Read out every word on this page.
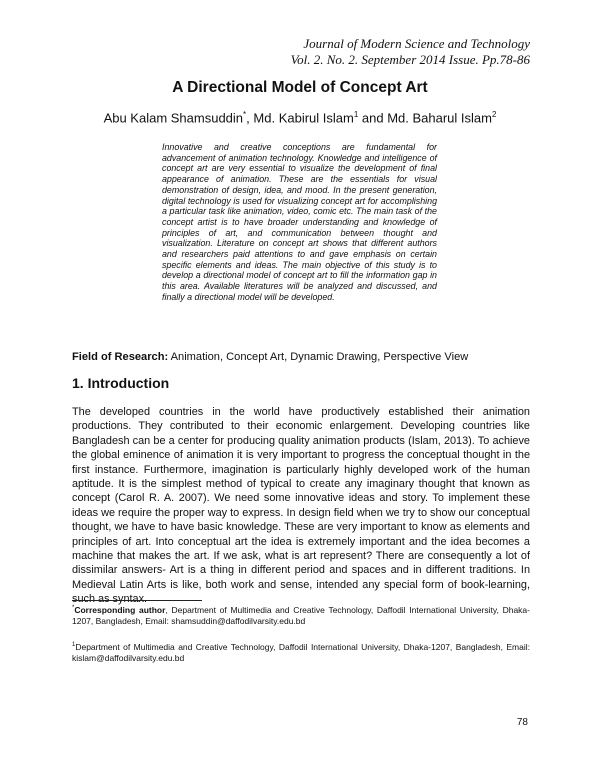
Journal of Modern Science and Technology
Vol. 2. No. 2. September 2014 Issue. Pp.78-86
A Directional Model of Concept Art
Abu Kalam Shamsuddin*, Md. Kabirul Islam$^1$ and Md. Baharul Islam$^2$
Innovative and creative conceptions are fundamental for advancement of animation technology. Knowledge and intelligence of concept art are very essential to visualize the development of final appearance of animation. These are the essentials for visual demonstration of design, idea, and mood. In the present generation, digital technology is used for visualizing concept art for accomplishing a particular task like animation, video, comic etc. The main task of the concept artist is to have broader understanding and knowledge of principles of art, and communication between thought and visualization. Literature on concept art shows that different authors and researchers paid attentions to and gave emphasis on certain specific elements and ideas. The main objective of this study is to develop a directional model of concept art to fill the information gap in this area. Available literatures will be analyzed and discussed, and finally a directional model will be developed.
Field of Research: Animation, Concept Art, Dynamic Drawing, Perspective View
1. Introduction

The developed countries in the world have productively established their animation productions. They contributed to their economic enlargement. Developing countries like Bangladesh can be a center for producing quality animation products (Islam, 2013). To achieve the global eminence of animation it is very important to progress the conceptual thought in the first instance. Furthermore, imagination is particularly highly developed work of the human aptitude. It is the simplest method of typical to create any imaginary thought that known as concept (Carol R. A. 2007). We need some innovative ideas and story. To implement these ideas we require the proper way to express. In design field when we try to show our conceptual thought, we have to have basic knowledge. These are very important to know as elements and principles of art. Into conceptual art the idea is extremely important and the idea becomes a machine that makes the art. If we ask, what is art represent? There are consequently a lot of dissimilar answers- Art is a thing in different period and spaces and in different traditions. In Medieval Latin Arts is like, both work and sense, intended any special form of book-learning, such as syntax.

*Corresponding author, Department of Multimedia and Creative Technology, Daffodil International University, Dhaka-1207, Bangladesh, Email: shamsuddin@daffodilvarsity.edu.bd
$^1$Department of Multimedia and Creative Technology, Daffodil International University, Dhaka-1207, Bangladesh, Email: kislam@daffodilvarsity.edu.bd
78
